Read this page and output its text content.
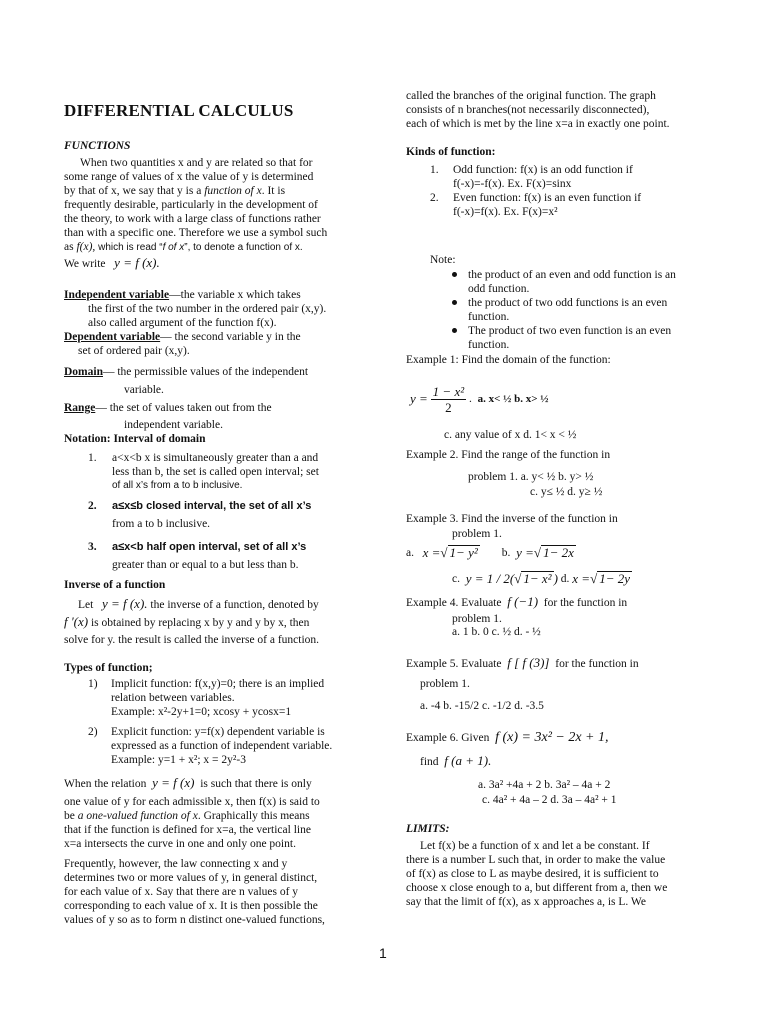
DIFFERENTIAL CALCULUS
FUNCTIONS
When two quantities x and y are related so that for
some range of values of x the value of y is determined
by that of x, we say that y is a function of x. It is
frequently desirable, particularly in the development of
the theory, to work with a large class of functions rather
than with a specific one. Therefore we use a symbol such
as f(x), which is read “f of x”, to denote a function of x.
We write y = f (x).
Independent variable—the variable x which takes
the first of the two number in the ordered pair (x,y).
also called argument of the function f(x).
Dependent variable— the second variable y in the
set of ordered pair (x,y).
Domain— the permissible values of the independent
variable.
Range— the set of values taken out from the
independent variable.
Notation: Interval of domain
1. a<x<b x is simultaneously greater than a and
less than b, the set is called open interval; set
of all x’s from a to b inclusive.
2. a≤x≤b closed interval, the set of all x’s
from a to b inclusive.
3. a≤x<b half open interval, set of all x’s
greater than or equal to a but less than b.
Inverse of a function
Let y = f (x). the inverse of a function, denoted by
f '(x) is obtained by replacing x by y and y by x, then
solve for y. the result is called the inverse of a function.
Types of function;
1) Implicit function: f(x,y)=0; there is an implied
relation between variables.
Example: x²-2y+1=0; xcosy + ycosx=1
2) Explicit function: y=f(x) dependent variable is
expressed as a function of independent variable.
Example: y=1 + x²; x = 2y²-3
When the relation y = f (x) is such that there is only
one value of y for each admissible x, then f(x) is said to
be a one-valued function of x. Graphically this means
that if the function is defined for x=a, the vertical line
x=a intersects the curve in one and only one point.
Frequently, however, the law connecting x and y
determines two or more values of y, in general distinct,
for each value of x. Say that there are n values of y
corresponding to each value of x. It is then possible the
values of y so as to form n distinct one-valued functions,
called the branches of the original function. The graph
consists of n branches(not necessarily disconnected),
each of which is met by the line x=a in exactly one point.
Kinds of function:
1. Odd function: f(x) is an odd function if
f(-x)=-f(x). Ex. F(x)=sinx
2. Even function: f(x) is an even function if
f(-x)=f(x). Ex. F(x)=x²
Note:
the product of an even and odd function is an
odd function.
the product of two odd functions is an even
function.
The product of two even function is an even
function.
Example 1: Find the domain of the function:
y =
$\frac{\text{1 − x²}}{2}$ . a. x< ½ b. x> ½
c. any value of x d. 1< x < ½
Example 2. Find the range of the function in
problem 1. a. y< ½ b. y> ½
c. y≤ ½ d. y≥ ½
Example 3. Find the inverse of the function in
problem 1.
a.
x = √ 1− y² b.
y = √ 1− 2x
c.
y = 1 / 2( √ 1− x² )
d.
x = √ 1− 2y
Example 4. Evaluate f (−1) for the function in
problem 1.
a. 1 b. 0 c. ½ d. - ½
Example 5. Evaluate f [ f (3)] for the function in
problem 1.
a. -4 b. -15/2 c. -1/2 d. -3.5
Example 6. Given f (x) = 3x² − 2x + 1,
find f (a + 1).
a. 3a² +4a + 2 b. 3a² – 4a + 2
c. 4a² + 4a – 2 d. 3a – 4a² + 1
LIMITS:
Let f(x) be a function of x and let a be constant. If
there is a number L such that, in order to make the value
of f(x) as close to L as maybe desired, it is sufficient to
choose x close enough to a, but different from a, then we
say that the limit of f(x), as x approaches a, is L. We
1
